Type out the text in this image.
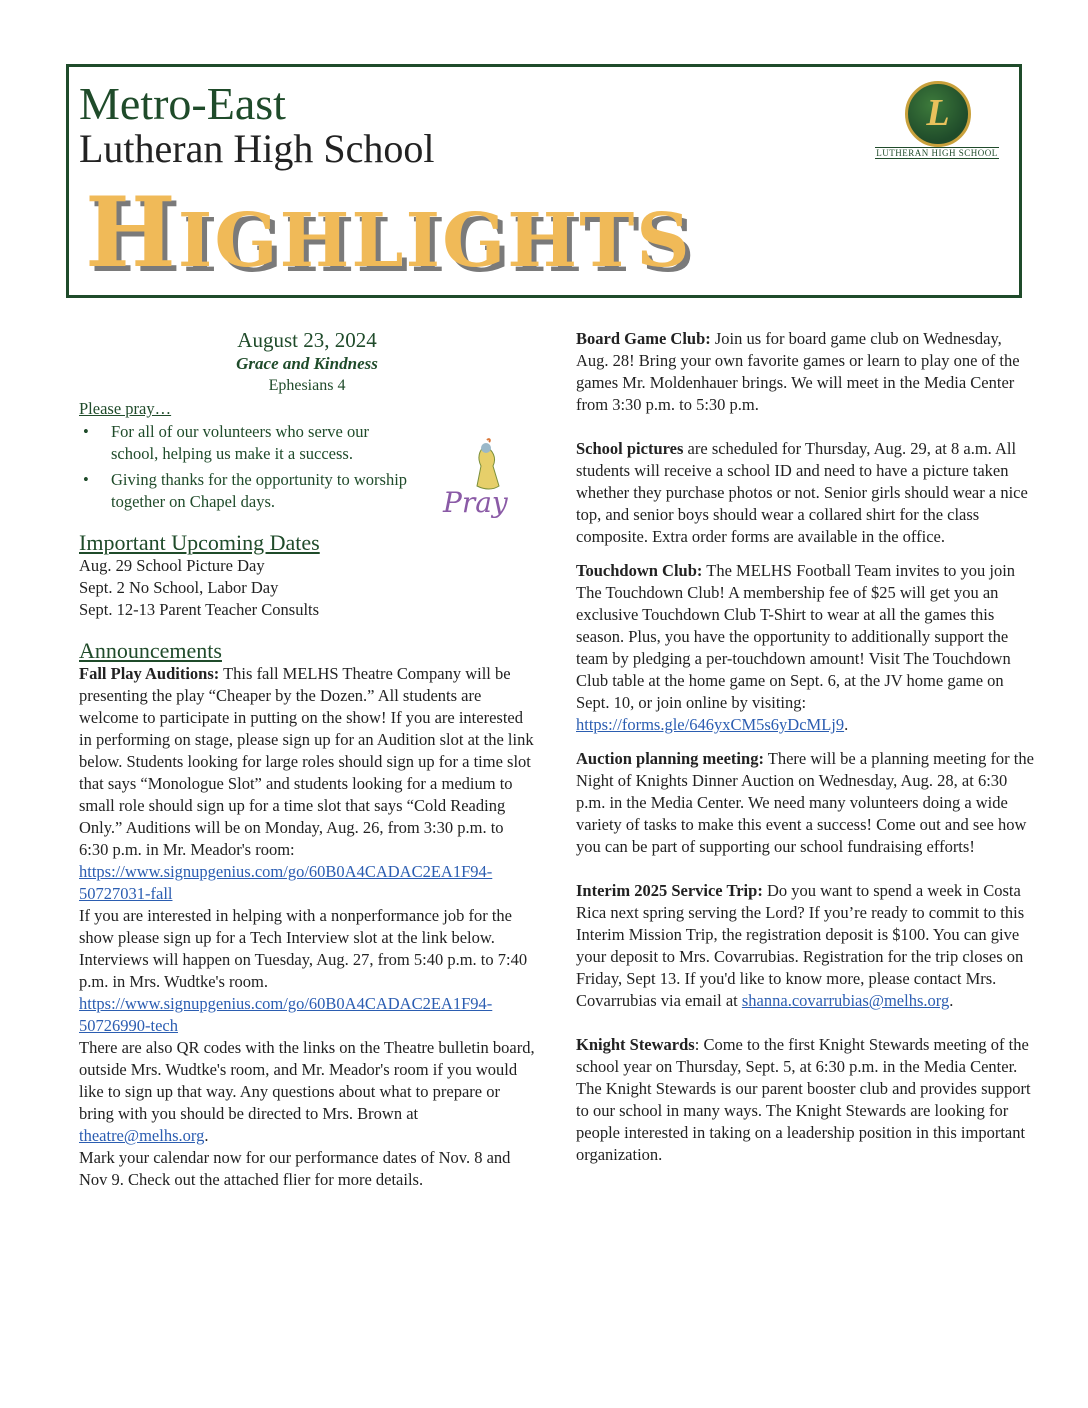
Metro-East
Lutheran High School
HIGHLIGHTS
L
LUTHERAN HIGH SCHOOL
August 23, 2024
Grace and Kindness
Ephesians 4
Please pray…
• For all of our volunteers who serve our school, helping us make it a success.
• Giving thanks for the opportunity to worship together on Chapel days.	Pray
Important Upcoming Dates
Aug. 29 School Picture Day
Sept. 2 No School, Labor Day
Sept. 12-13 Parent Teacher Consults
Announcements

Fall Play Auditions: This fall MELHS Theatre Company will be presenting the play “Cheaper by the Dozen.” All students are welcome to participate in putting on the show! If you are interested in performing on stage, please sign up for an Audition slot at the link below. Students looking for large roles should sign up for a time slot that says “Monologue Slot” and students looking for a medium to small role should sign up for a time slot that says “Cold Reading Only.” Auditions will be on Monday, Aug. 26, from 3:30 p.m. to 6:30 p.m. in Mr. Meador's room:

https://www.signupgenius.com/go/60B0A4CADAC2EA1F94-50727031-fall

If you are interested in helping with a nonperformance job for the show please sign up for a Tech Interview slot at the link below. Interviews will happen on Tuesday, Aug. 27, from 5:40 p.m. to 7:40 p.m. in Mrs. Wudtke's room. https://www.signupgenius.com/go/60B0A4CADAC2EA1F94-50726990-tech

There are also QR codes with the links on the Theatre bulletin board, outside Mrs. Wudtke's room, and Mr. Meador's room if you would like to sign up that way. Any questions about what to prepare or bring with you should be directed to Mrs. Brown at theatre@melhs.org.

Mark your calendar now for our performance dates of Nov. 8 and Nov 9. Check out the attached flier for more details.

Board Game Club: Join us for board game club on Wednesday, Aug. 28! Bring your own favorite games or learn to play one of the games Mr. Moldenhauer brings. We will meet in the Media Center from 3:30 p.m. to 5:30 p.m.

School pictures are scheduled for Thursday, Aug. 29, at 8 a.m. All students will receive a school ID and need to have a picture taken whether they purchase photos or not. Senior girls should wear a nice top, and senior boys should wear a collared shirt for the class composite. Extra order forms are available in the office.

Touchdown Club: The MELHS Football Team invites to you join The Touchdown Club! A membership fee of $25 will get you an exclusive Touchdown Club T-Shirt to wear at all the games this season. Plus, you have the opportunity to additionally support the team by pledging a per-touchdown amount! Visit The Touchdown Club table at the home game on Sept. 6, at the JV home game on Sept. 10, or join online by visiting: https://forms.gle/646yxCM5s6yDcMLj9.

Auction planning meeting: There will be a planning meeting for the Night of Knights Dinner Auction on Wednesday, Aug. 28, at 6:30 p.m. in the Media Center. We need many volunteers doing a wide variety of tasks to make this event a success! Come out and see how you can be part of supporting our school fundraising efforts!

Interim 2025 Service Trip: Do you want to spend a week in Costa Rica next spring serving the Lord? If you’re ready to commit to this Interim Mission Trip, the registration deposit is $100. You can give your deposit to Mrs. Covarrubias. Registration for the trip closes on Friday, Sept 13. If you'd like to know more, please contact Mrs. Covarrubias via email at shanna.covarrubias@melhs.org.

Knight Stewards: Come to the first Knight Stewards meeting of the school year on Thursday, Sept. 5, at 6:30 p.m. in the Media Center. The Knight Stewards is our parent booster club and provides support to our school in many ways. The Knight Stewards are looking for people interested in taking on a leadership position in this important organization.
